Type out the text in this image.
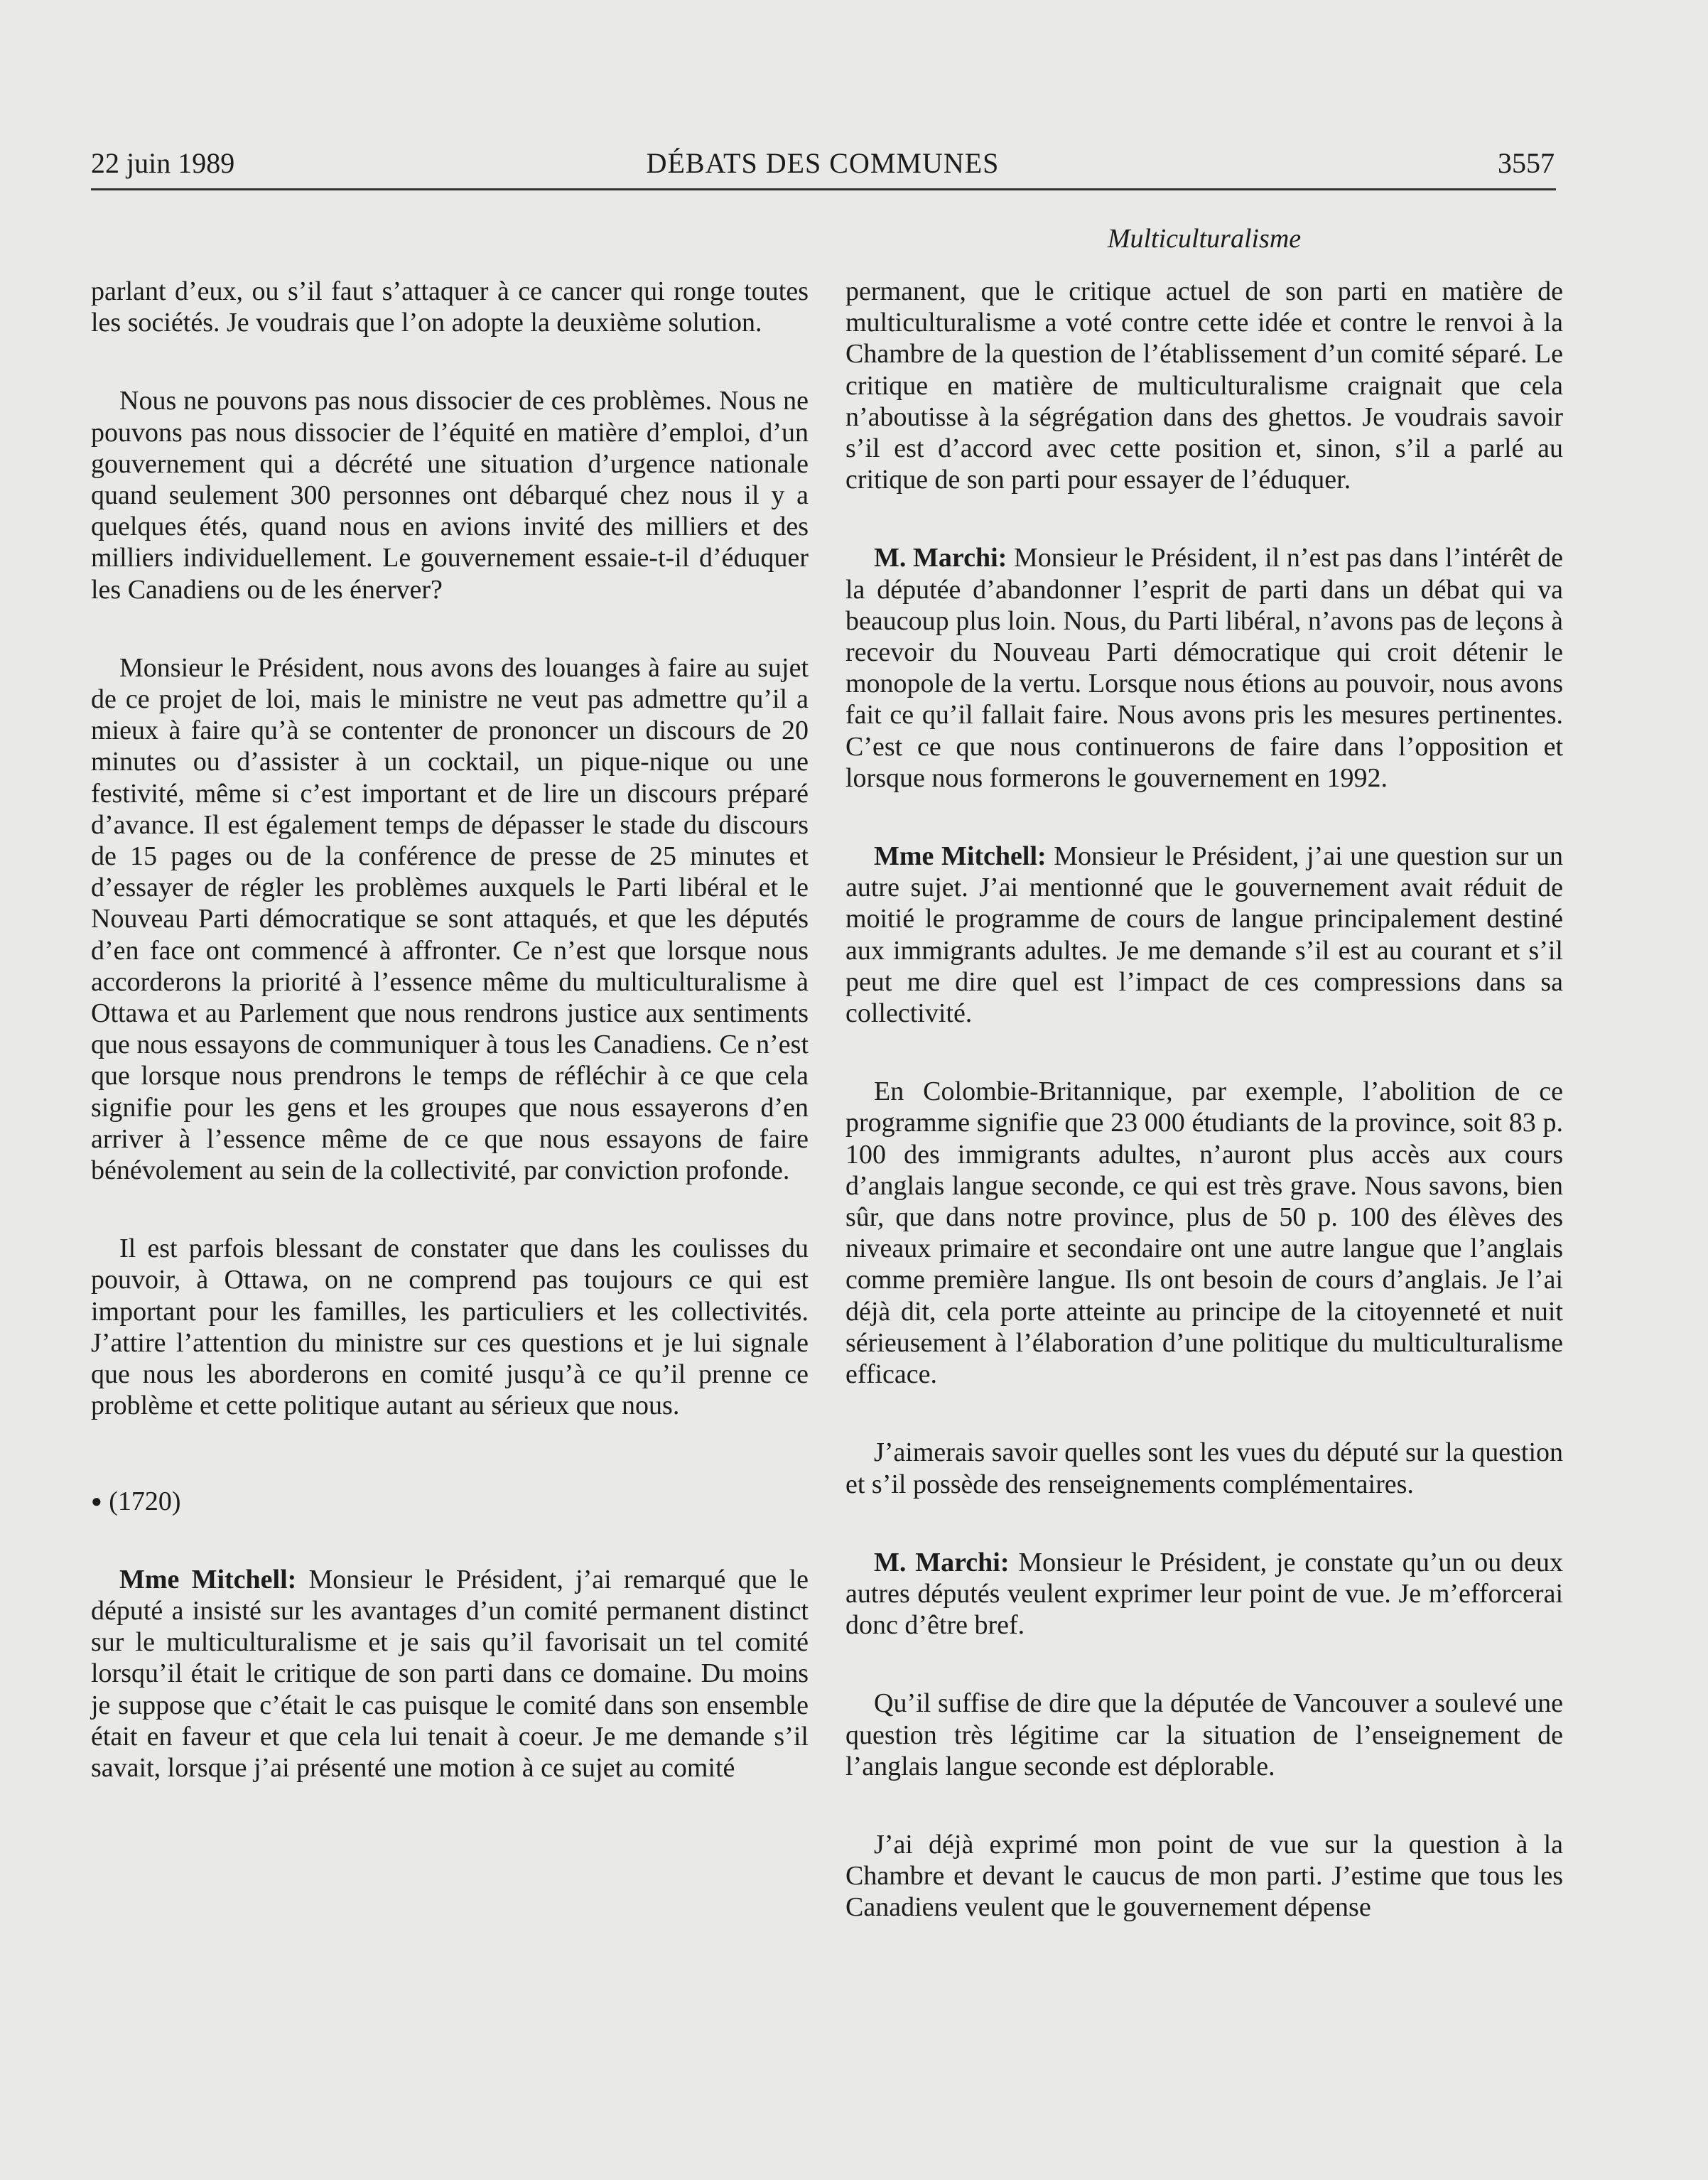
22 juin 1989	DÉBATS DES COMMUNES	3557
Multiculturalisme

parlant d’eux, ou s’il faut s’attaquer à ce cancer qui ronge toutes les sociétés. Je voudrais que l’on adopte la deuxième solution.

Nous ne pouvons pas nous dissocier de ces problèmes. Nous ne pouvons pas nous dissocier de l’équité en matière d’emploi, d’un gouvernement qui a décrété une situation d’urgence nationale quand seulement 300 personnes ont débarqué chez nous il y a quelques étés, quand nous en avions invité des milliers et des milliers individuellement. Le gouvernement essaie-t-il d’éduquer les Canadiens ou de les énerver?

Monsieur le Président, nous avons des louanges à faire au sujet de ce projet de loi, mais le ministre ne veut pas admettre qu’il a mieux à faire qu’à se contenter de prononcer un discours de 20 minutes ou d’assister à un cocktail, un pique-nique ou une festivité, même si c’est important et de lire un discours préparé d’avance. Il est également temps de dépasser le stade du discours de 15 pages ou de la conférence de presse de 25 minutes et d’essayer de régler les problèmes auxquels le Parti libéral et le Nouveau Parti démocratique se sont attaqués, et que les députés d’en face ont commencé à affronter. Ce n’est que lorsque nous accorderons la priorité à l’essence même du multiculturalisme à Ottawa et au Parlement que nous rendrons justice aux sentiments que nous essayons de communiquer à tous les Canadiens. Ce n’est que lorsque nous prendrons le temps de réfléchir à ce que cela signifie pour les gens et les groupes que nous essayerons d’en arriver à l’essence même de ce que nous essayons de faire bénévolement au sein de la collectivité, par conviction profonde.

Il est parfois blessant de constater que dans les coulisses du pouvoir, à Ottawa, on ne comprend pas toujours ce qui est important pour les familles, les particuliers et les collectivités. J’attire l’attention du ministre sur ces questions et je lui signale que nous les aborderons en comité jusqu’à ce qu’il prenne ce problème et cette politique autant au sérieux que nous.

● (1720)

Mme Mitchell: Monsieur le Président, j’ai remarqué que le député a insisté sur les avantages d’un comité permanent distinct sur le multiculturalisme et je sais qu’il favorisait un tel comité lorsqu’il était le critique de son parti dans ce domaine. Du moins je suppose que c’était le cas puisque le comité dans son ensemble était en faveur et que cela lui tenait à coeur. Je me demande s’il savait, lorsque j’ai présenté une motion à ce sujet au comité

permanent, que le critique actuel de son parti en matière de multiculturalisme a voté contre cette idée et contre le renvoi à la Chambre de la question de l’établissement d’un comité séparé. Le critique en matière de multiculturalisme craignait que cela n’aboutisse à la ségrégation dans des ghettos. Je voudrais savoir s’il est d’accord avec cette position et, sinon, s’il a parlé au critique de son parti pour essayer de l’éduquer.

M. Marchi: Monsieur le Président, il n’est pas dans l’intérêt de la députée d’abandonner l’esprit de parti dans un débat qui va beaucoup plus loin. Nous, du Parti libéral, n’avons pas de leçons à recevoir du Nouveau Parti démocratique qui croit détenir le monopole de la vertu. Lorsque nous étions au pouvoir, nous avons fait ce qu’il fallait faire. Nous avons pris les mesures pertinentes. C’est ce que nous continuerons de faire dans l’opposition et lorsque nous formerons le gouvernement en 1992.

Mme Mitchell: Monsieur le Président, j’ai une question sur un autre sujet. J’ai mentionné que le gouvernement avait réduit de moitié le programme de cours de langue principalement destiné aux immigrants adultes. Je me demande s’il est au courant et s’il peut me dire quel est l’impact de ces compressions dans sa collectivité.

En Colombie-Britannique, par exemple, l’abolition de ce programme signifie que 23 000 étudiants de la province, soit 83 p. 100 des immigrants adultes, n’auront plus accès aux cours d’anglais langue seconde, ce qui est très grave. Nous savons, bien sûr, que dans notre province, plus de 50 p. 100 des élèves des niveaux primaire et secondaire ont une autre langue que l’anglais comme première langue. Ils ont besoin de cours d’anglais. Je l’ai déjà dit, cela porte atteinte au principe de la citoyenneté et nuit sérieusement à l’élaboration d’une politique du multiculturalisme efficace.

J’aimerais savoir quelles sont les vues du député sur la question et s’il possède des renseignements complémentaires.

M. Marchi: Monsieur le Président, je constate qu’un ou deux autres députés veulent exprimer leur point de vue. Je m’efforcerai donc d’être bref.

Qu’il suffise de dire que la députée de Vancouver a soulevé une question très légitime car la situation de l’enseignement de l’anglais langue seconde est déplorable.

J’ai déjà exprimé mon point de vue sur la question à la Chambre et devant le caucus de mon parti. J’estime que tous les Canadiens veulent que le gouvernement dépense
